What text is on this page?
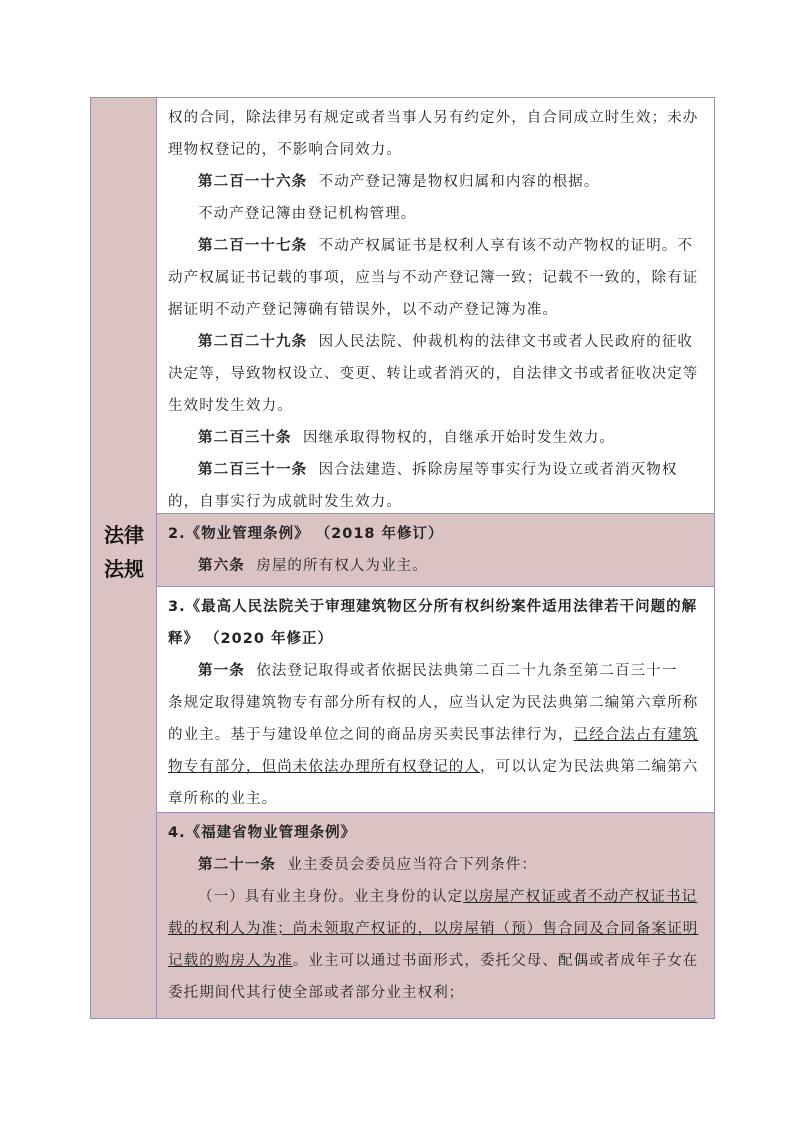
法律
法规

权的合同，除法律另有规定或者当事人另有约定外，自合同成立时生效；未办

理物权登记的，不影响合同效力。

第二百一十六条 不动产登记簿是物权归属和内容的根据。

不动产登记簿由登记机构管理。

第二百一十七条 不动产权属证书是权利人享有该不动产物权的证明。不

动产权属证书记载的事项，应当与不动产登记簿一致；记载不一致的，除有证

据证明不动产登记簿确有错误外，以不动产登记簿为准。

第二百二十九条 因人民法院、仲裁机构的法律文书或者人民政府的征收

决定等，导致物权设立、变更、转让或者消灭的，自法律文书或者征收决定等

生效时发生效力。

第二百三十条 因继承取得物权的，自继承开始时发生效力。

第二百三十一条 因合法建造、拆除房屋等事实行为设立或者消灭物权

的，自事实行为成就时发生效力。

2.《物业管理条例》 （2018 年修订）

第六条 房屋的所有权人为业主。

3.《最高人民法院关于审理建筑物区分所有权纠纷案件适用法律若干问题的解

释》 （2020 年修正）

第一条 依法登记取得或者依据民法典第二百二十九条至第二百三十一

条规定取得建筑物专有部分所有权的人，应当认定为民法典第二编第六章所称

的业主。基于与建设单位之间的商品房买卖民事法律行为，已经合法占有建筑

物专有部分，但尚未依法办理所有权登记的人，可以认定为民法典第二编第六

章所称的业主。

4.《福建省物业管理条例》

第二十一条 业主委员会委员应当符合下列条件：

（一）具有业主身份。业主身份的认定以房屋产权证或者不动产权证书记

载的权利人为准；尚未领取产权证的，以房屋销（预）售合同及合同备案证明

记载的购房人为准。业主可以通过书面形式，委托父母、配偶或者成年子女在

委托期间代其行使全部或者部分业主权利；
